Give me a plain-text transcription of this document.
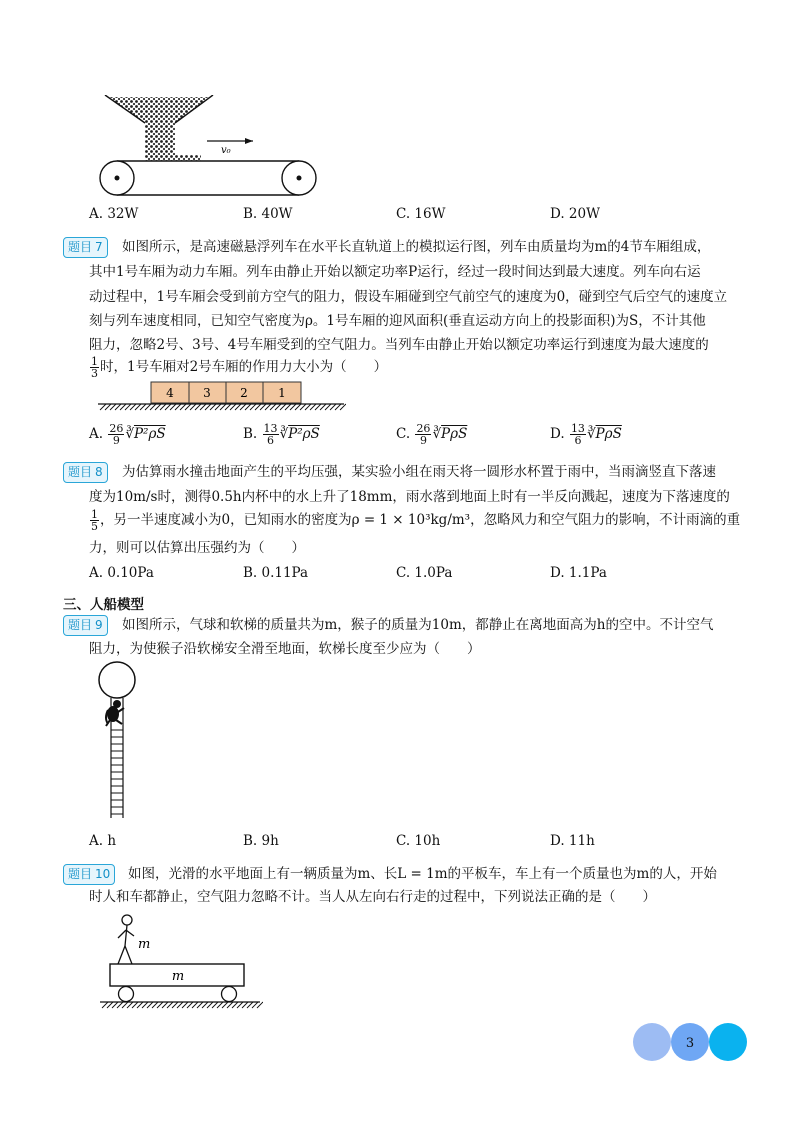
v₀
A. 32W	B. 40W	C. 16W	D. 20W
题目 7	如图所示，是高速磁悬浮列车在水平长直轨道上的模拟运行图，列车由质量均为m的4节车厢组成，
其中1号车厢为动力车厢。列车由静止开始以额定功率P运行，经过一段时间达到最大速度。列车向右运
动过程中，1号车厢会受到前方空气的阻力，假设车厢碰到空气前空气的速度为0，碰到空气后空气的速度立
刻与列车速度相同，已知空气密度为ρ。1号车厢的迎风面积(垂直运动方向上的投影面积)为S，不计其他
阻力，忽略2号、3号、4号车厢受到的空气阻力。当列车由静止开始以额定功率运行到速度为最大速度的
$\frac{1}{3}$ 时，1号车厢对2号车厢的作用力大小为（　　）
4 3 2	1
A. $\frac{26}{9}$ ∛P²ρS	B. $\frac{13}{6}$ ∛P²ρS	C. $\frac{26}{9}$ $∛\overline{P\rho S}$	D. $\frac{13}{6}$ $∛\overline{P\rho S}$
题目 8	为估算雨水撞击地面产生的平均压强，某实验小组在雨天将一圆形水杯置于雨中，当雨滴竖直下落速
度为10m/s时，测得0.5h内杯中的水上升了18mm，雨水落到地面上时有一半反向溅起，速度为下落速度的
$\frac{1}{5}$ ，另一半速度减小为0，已知雨水的密度为ρ = 1 × 10³kg/m³，忽略风力和空气阻力的影响，不计雨滴的重
力，则可以估算出压强约为（　　）
A. 0.10Pa	B. 0.11Pa	C. 1.0Pa	D. 1.1Pa
三、人船模型
题目 9	如图所示，气球和软梯的质量共为m，猴子的质量为10m，都静止在离地面高为h的空中。不计空气
阻力，为使猴子沿软梯安全滑至地面，软梯长度至少应为（　　）
A. h	B. 9h	C. 10h	D. 11h
题目 10	如图，光滑的水平地面上有一辆质量为m、长L = 1m的平板车，车上有一个质量也为m的人，开始
时人和车都静止，空气阻力忽略不计。当人从左向右行走的过程中，下列说法正确的是（　　）
m
m
3
